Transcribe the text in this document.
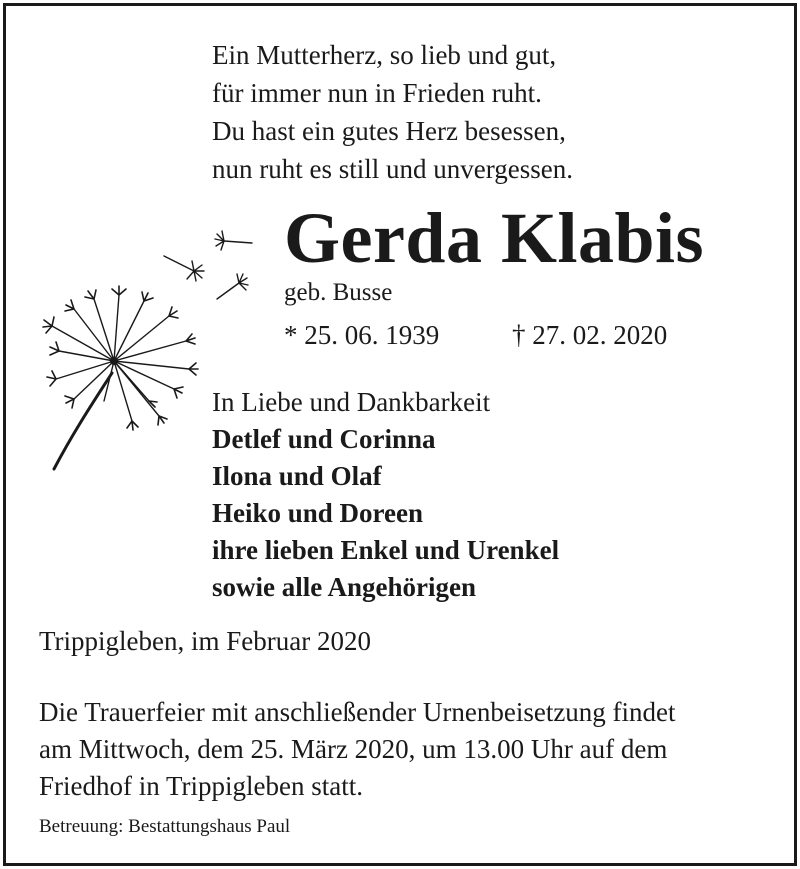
Ein Mutterherz, so lieb und gut,
für immer nun in Frieden ruht.
Du hast ein gutes Herz besessen,
nun ruht es still und unvergessen.
Gerda Klabis
geb. Busse
* 25. 06. 1939	† 27. 02. 2020
In Liebe und Dankbarkeit
Detlef und Corinna
Ilona und Olaf
Heiko und Doreen
ihre lieben Enkel und Urenkel
sowie alle Angehörigen
Trippigleben, im Februar 2020
Die Trauerfeier mit anschließender Urnenbeisetzung findet
am Mittwoch, dem 25. März 2020, um 13.00 Uhr auf dem
Friedhof in Trippigleben statt.
Betreuung: Bestattungshaus Paul
